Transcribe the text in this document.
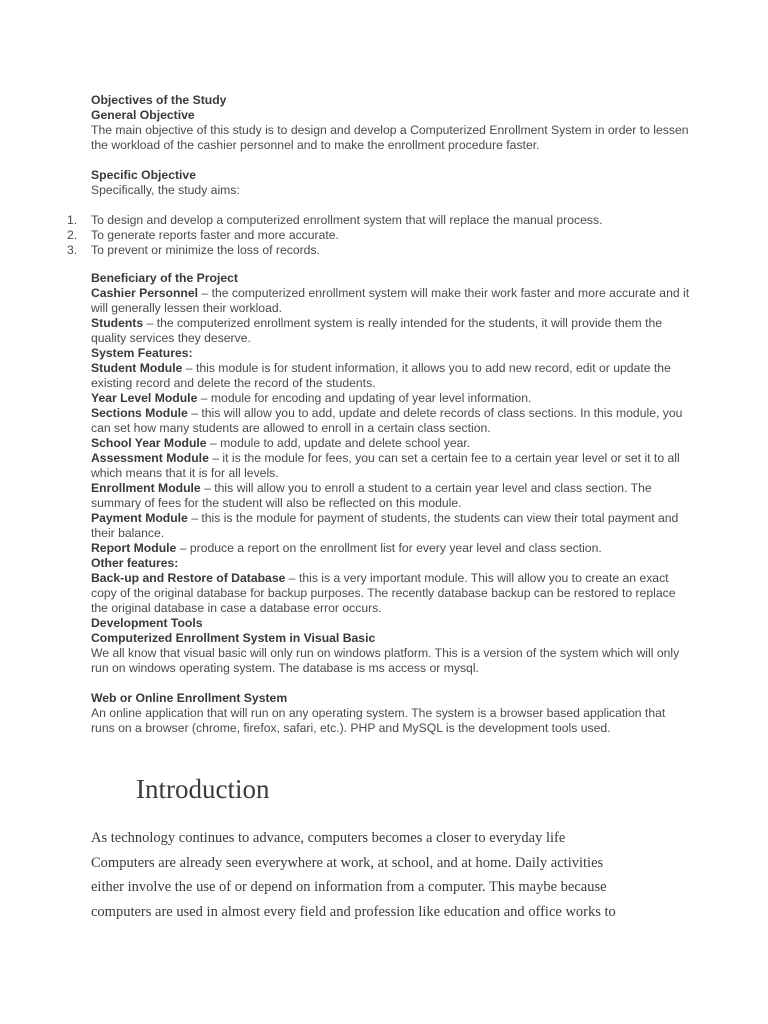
Objectives of the Study

General Objective

The main objective of this study is to design and develop a Computerized Enrollment System in order to lessen the workload of the cashier personnel and to make the enrollment procedure faster.

Specific Objective

Specifically, the study aims:

1.	To design and develop a computerized enrollment system that will replace the manual process.
2.	To generate reports faster and more accurate.
3.	To prevent or minimize the loss of records.

Beneficiary of the Project

Cashier Personnel – the computerized enrollment system will make their work faster and more accurate and it will generally lessen their workload.

Students – the computerized enrollment system is really intended for the students, it will provide them the quality services they deserve.

System Features:

Student Module – this module is for student information, it allows you to add new record, edit or update the existing record and delete the record of the students.

Year Level Module – module for encoding and updating of year level information.

Sections Module – this will allow you to add, update and delete records of class sections. In this module, you can set how many students are allowed to enroll in a certain class section.

School Year Module – module to add, update and delete school year.

Assessment Module – it is the module for fees, you can set a certain fee to a certain year level or set it to all which means that it is for all levels.

Enrollment Module – this will allow you to enroll a student to a certain year level and class section. The summary of fees for the student will also be reflected on this module.

Payment Module – this is the module for payment of students, the students can view their total payment and their balance.

Report Module – produce a report on the enrollment list for every year level and class section.

Other features:

Back-up and Restore of Database – this is a very important module. This will allow you to create an exact copy of the original database for backup purposes. The recently database backup can be restored to replace the original database in case a database error occurs.

Development Tools

Computerized Enrollment System in Visual Basic

We all know that visual basic will only run on windows platform. This is a version of the system which will only run on windows operating system. The database is ms access or mysql.

Web or Online Enrollment System

An online application that will run on any operating system. The system is a browser based application that runs on a browser (chrome, firefox, safari, etc.). PHP and MySQL is the development tools used.

Introduction
As technology continues to advance, computers becomes a closer to everyday life
Computers are already seen everywhere at work, at school, and at home. Daily activities
either involve the use of or depend on information from a computer. This maybe because
computers are used in almost every field and profession like education and office works to
